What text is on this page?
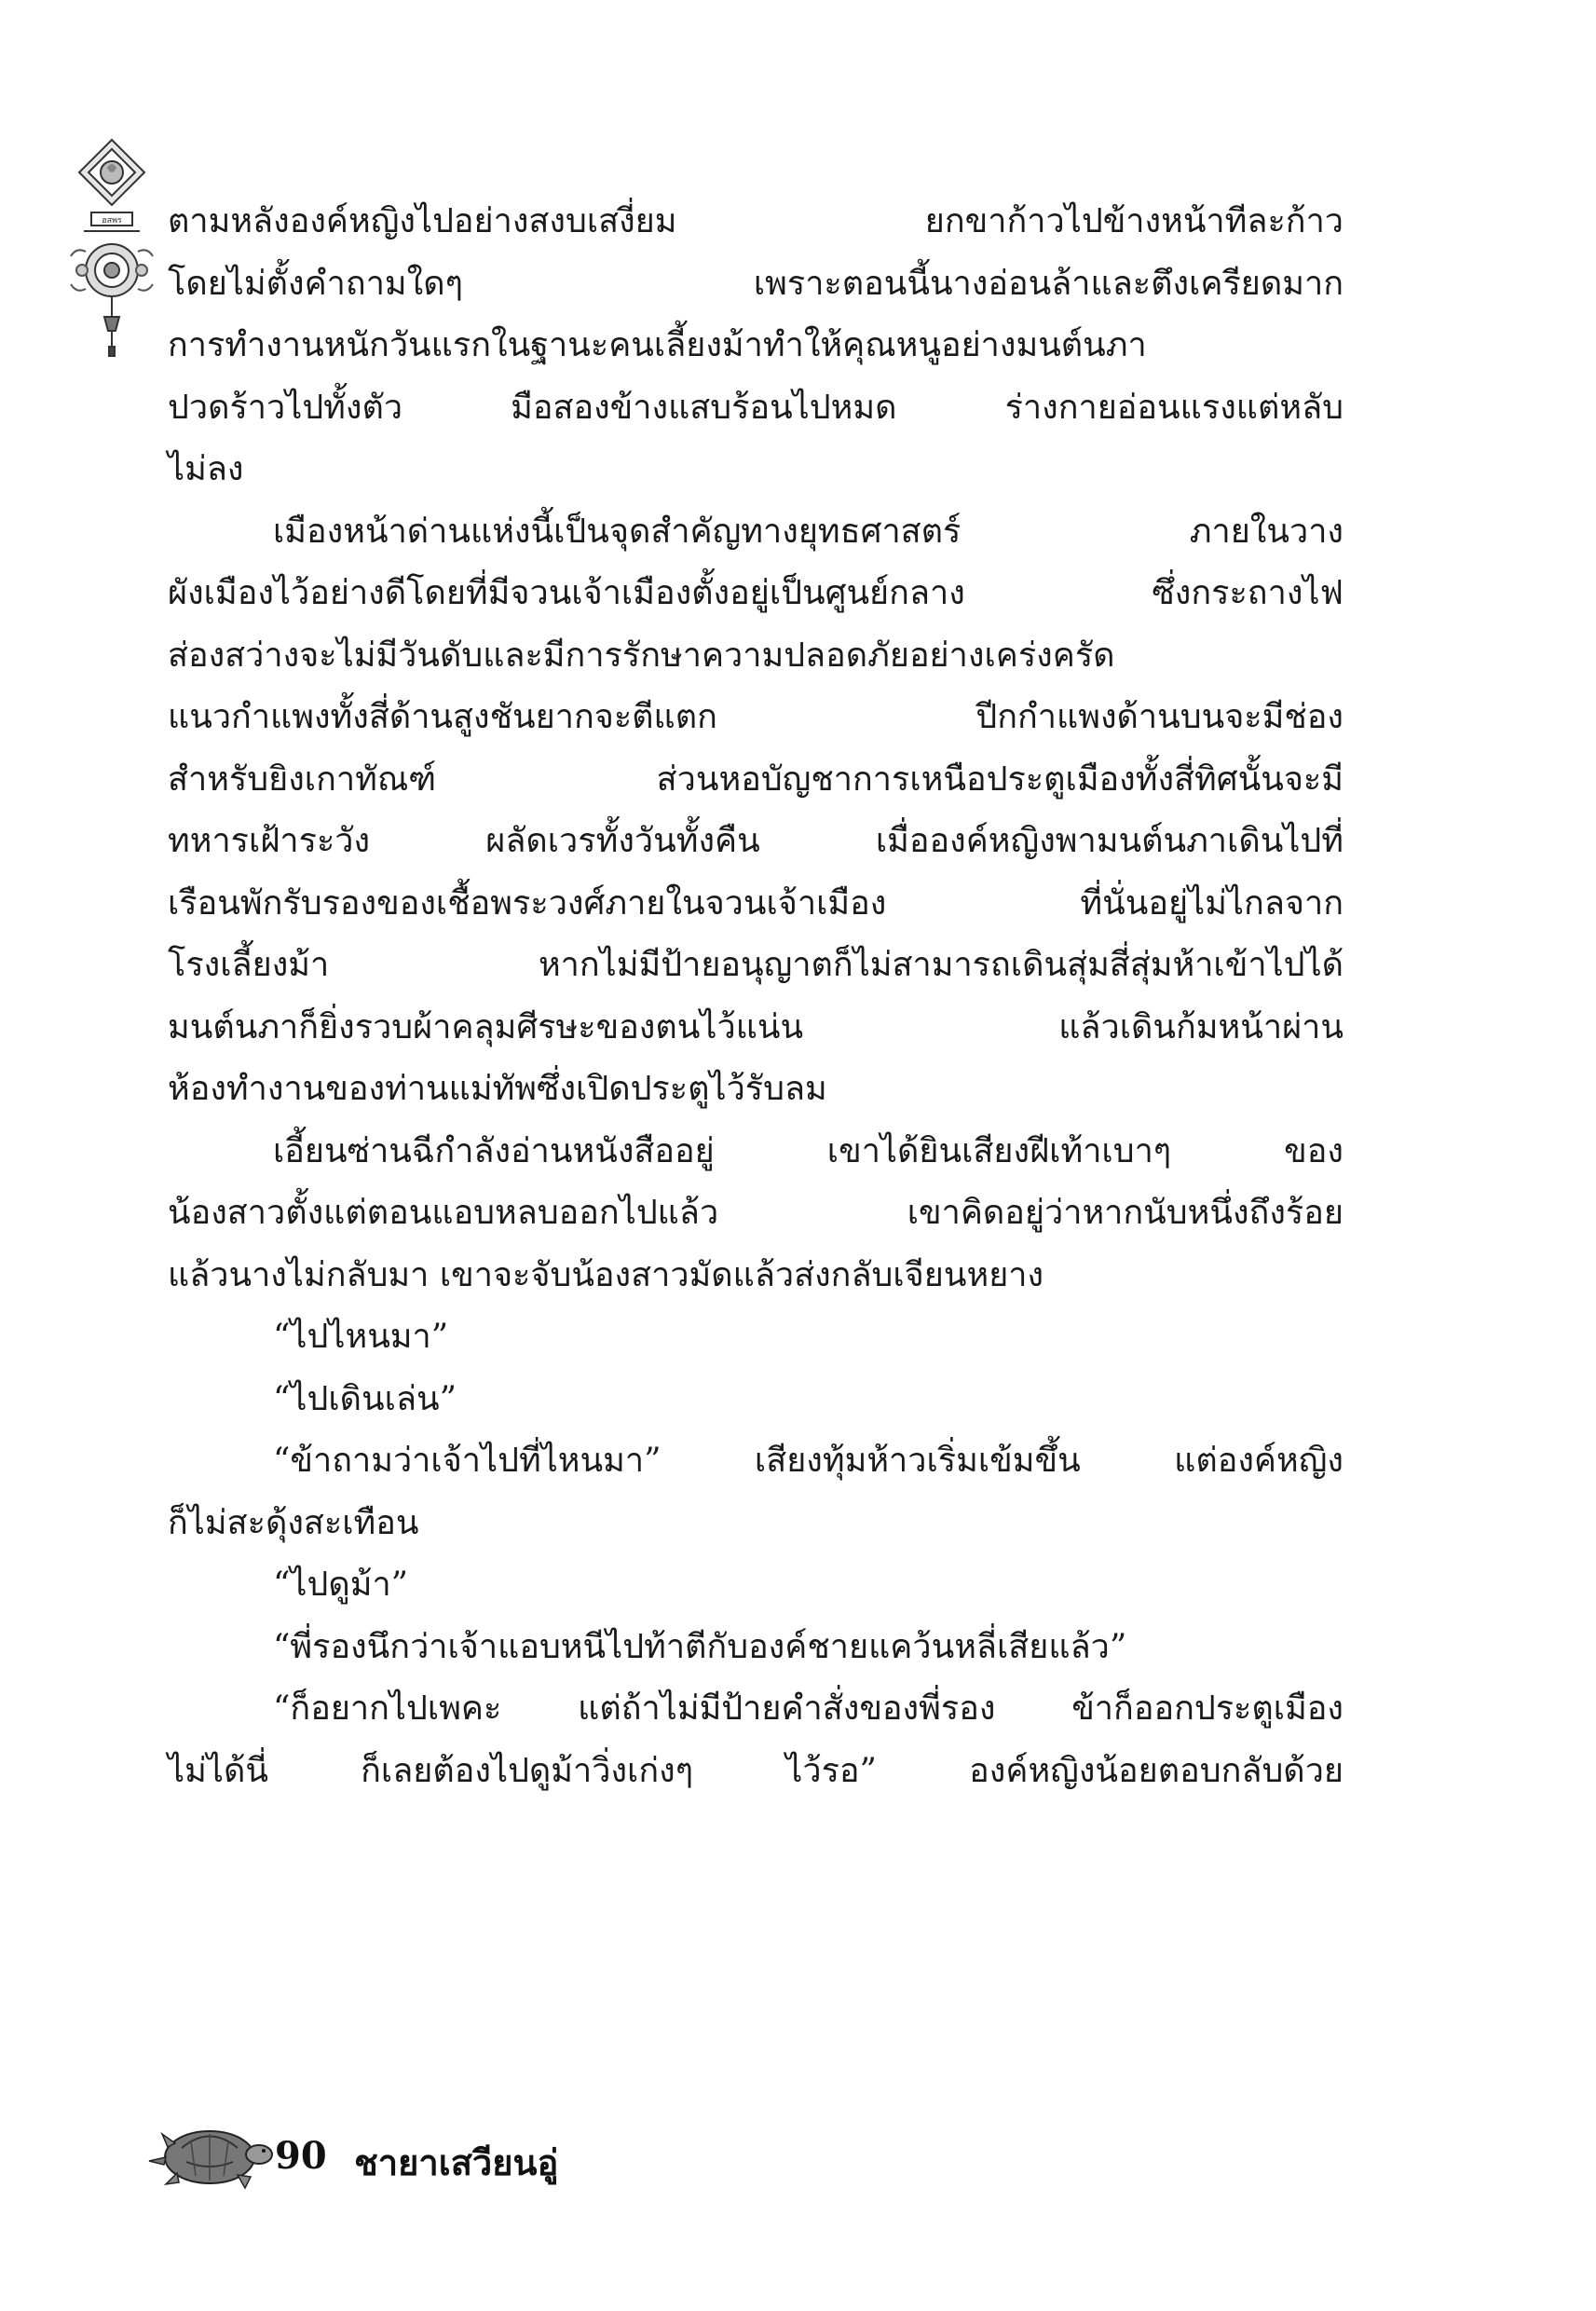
ฮสพร ตามหลังองค์หญิงไปอย่างสงบเสงี่ยม ยกขาก้าวไปข้างหน้าทีละก้าว
โดยไม่ตั้งคำถามใดๆ เพราะตอนนี้นางอ่อนล้าและตึงเครียดมาก
การทำงานหนักวันแรกในฐานะคนเลี้ยงม้าทำให้คุณหนูอย่างมนต์นภา
ปวดร้าวไปทั้งตัว มือสองข้างแสบร้อนไปหมด ร่างกายอ่อนแรงแต่หลับ
ไม่ลง
เมืองหน้าด่านแห่งนี้เป็นจุดสำคัญทางยุทธศาสตร์ ภายในวาง
ผังเมืองไว้อย่างดีโดยที่มีจวนเจ้าเมืองตั้งอยู่เป็นศูนย์กลาง ซึ่งกระถางไฟ
ส่องสว่างจะไม่มีวันดับและมีการรักษาความปลอดภัยอย่างเคร่งครัด
แนวกำแพงทั้งสี่ด้านสูงชันยากจะตีแตก ปีกกำแพงด้านบนจะมีช่อง
สำหรับยิงเกาทัณฑ์ ส่วนหอบัญชาการเหนือประตูเมืองทั้งสี่ทิศนั้นจะมี
ทหารเฝ้าระวัง ผลัดเวรทั้งวันทั้งคืน เมื่อองค์หญิงพามนต์นภาเดินไปที่
เรือนพักรับรองของเชื้อพระวงศ์ภายในจวนเจ้าเมือง ที่นั่นอยู่ไม่ไกลจาก
โรงเลี้ยงม้า หากไม่มีป้ายอนุญาตก็ไม่สามารถเดินสุ่มสี่สุ่มห้าเข้าไปได้
มนต์นภาก็ยิ่งรวบผ้าคลุมศีรษะของตนไว้แน่น แล้วเดินก้มหน้าผ่าน
ห้องทำงานของท่านแม่ทัพซึ่งเปิดประตูไว้รับลม
เอี้ยนซ่านฉีกำลังอ่านหนังสืออยู่ เขาได้ยินเสียงฝีเท้าเบาๆ ของ
น้องสาวตั้งแต่ตอนแอบหลบออกไปแล้ว เขาคิดอยู่ว่าหากนับหนึ่งถึงร้อย
แล้วนางไม่กลับมา เขาจะจับน้องสาวมัดแล้วส่งกลับเจียนหยาง
“ไปไหนมา”
“ไปเดินเล่น”
“ข้าถามว่าเจ้าไปที่ไหนมา” เสียงทุ้มห้าวเริ่มเข้มขึ้น แต่องค์หญิง
ก็ไม่สะดุ้งสะเทือน
“ไปดูม้า”
“พี่รองนึกว่าเจ้าแอบหนีไปท้าตีกับองค์ชายแคว้นหลี่เสียแล้ว”
“ก็อยากไปเพคะ แต่ถ้าไม่มีป้ายคำสั่งของพี่รอง ข้าก็ออกประตูเมือง
ไม่ได้นี่ ก็เลยต้องไปดูม้าวิ่งเก่งๆ ไว้รอ” องค์หญิงน้อยตอบกลับด้วย
90 ชายาเสวียนอู่
